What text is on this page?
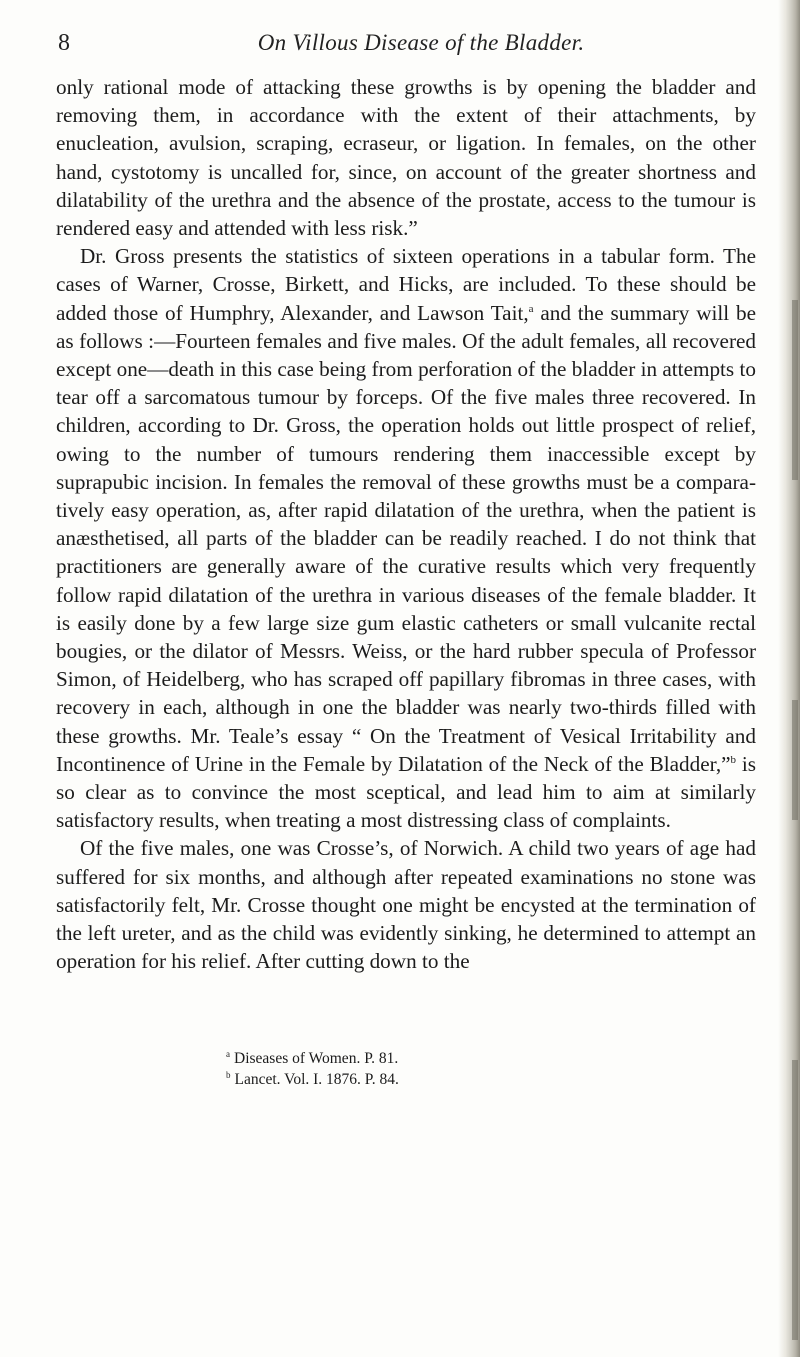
8	On Villous Disease of the Bladder.

only rational mode of attacking these growths is by opening the bladder and removing them, in accordance with the extent of their attachments, by enucleation, avulsion, scraping, ecraseur, or ligation. In females, on the other hand, cystotomy is uncalled for, since, on account of the greater shortness and dilatability of the urethra and the absence of the prostate, access to the tumour is rendered easy and attended with less risk.”

Dr. Gross presents the statistics of sixteen operations in a tabular form. The cases of Warner, Crosse, Birkett, and Hicks, are included. To these should be added those of Humphry, Alexander, and Lawson Tait,$^a$ and the summary will be as follows :—Fourteen females and five males. Of the adult females, all recovered except one—death in this case being from perforation of the bladder in attempts to tear off a sarcomatous tumour by forceps. Of the five males three recovered. In children, according to Dr. Gross, the operation holds out little prospect of relief, owing to the number of tumours rendering them inaccessible except by suprapubic incision. In females the removal of these growths must be a comparatively easy operation, as, after rapid dilatation of the urethra, when the patient is anæsthetised, all parts of the bladder can be readily reached. I do not think that practitioners are generally aware of the curative results which very frequently follow rapid dilatation of the urethra in various diseases of the female bladder. It is easily done by a few large size gum elastic catheters or small vulcanite rectal bougies, or the dilator of Messrs. Weiss, or the hard rubber specula of Professor Simon, of Heidelberg, who has scraped off papillary fibromas in three cases, with recovery in each, although in one the bladder was nearly two-thirds filled with these growths. Mr. Teale’s essay “ On the Treatment of Vesical Irritability and Incontinence of Urine in the Female by Dilatation of the Neck of the Bladder,”$^b$ is so clear as to convince the most sceptical, and lead him to aim at similarly satisfactory results, when treating a most distressing class of complaints.

Of the five males, one was Crosse’s, of Norwich. A child two years of age had suffered for six months, and although after repeated examinations no stone was satisfactorily felt, Mr. Crosse thought one might be encysted at the termination of the left ureter, and as the child was evidently sinking, he determined to attempt an operation for his relief. After cutting down to the

$^a$ Diseases of Women. P. 81.
$^b$ Lancet. Vol. I. 1876. P. 84.
